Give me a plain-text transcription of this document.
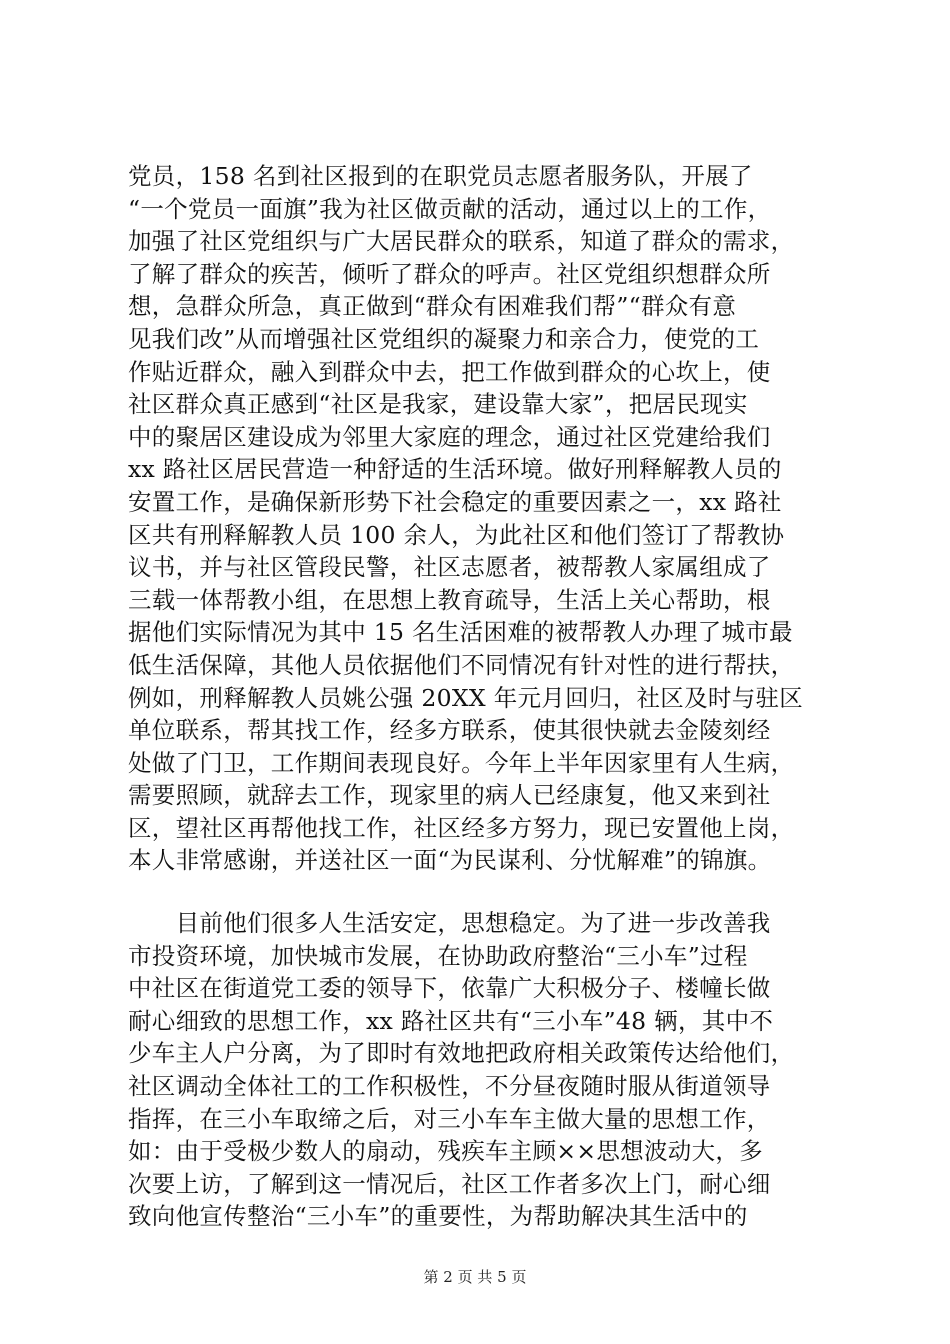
党员，158 名到社区报到的在职党员志愿者服务队，开展了
“一个党员一面旗”我为社区做贡献的活动，通过以上的工作，
加强了社区党组织与广大居民群众的联系，知道了群众的需求，
了解了群众的疾苦，倾听了群众的呼声。社区党组织想群众所
想，急群众所急，真正做到“群众有困难我们帮”“群众有意
见我们改”从而增强社区党组织的凝聚力和亲合力，使党的工
作贴近群众，融入到群众中去，把工作做到群众的心坎上，使
社区群众真正感到“社区是我家，建设靠大家”，把居民现实
中的聚居区建设成为邻里大家庭的理念，通过社区党建给我们
xx 路社区居民营造一种舒适的生活环境。做好刑释解教人员的
安置工作，是确保新形势下社会稳定的重要因素之一，xx 路社
区共有刑释解教人员 100 余人，为此社区和他们签订了帮教协
议书，并与社区管段民警，社区志愿者，被帮教人家属组成了
三载一体帮教小组，在思想上教育疏导，生活上关心帮助，根
据他们实际情况为其中 15 名生活困难的被帮教人办理了城市最
低生活保障，其他人员依据他们不同情况有针对性的进行帮扶，
例如，刑释解教人员姚公强 20XX 年元月回归，社区及时与驻区
单位联系，帮其找工作，经多方联系，使其很快就去金陵刻经
处做了门卫，工作期间表现良好。今年上半年因家里有人生病，
需要照顾，就辞去工作，现家里的病人已经康复，他又来到社
区，望社区再帮他找工作，社区经多方努力，现已安置他上岗，
本人非常感谢，并送社区一面“为民谋利、分忧解难”的锦旗。
　　目前他们很多人生活安定，思想稳定。为了进一步改善我
市投资环境，加快城市发展，在协助政府整治“三小车”过程
中社区在街道党工委的领导下，依靠广大积极分子、楼幢长做
耐心细致的思想工作，xx 路社区共有“三小车”48 辆，其中不
少车主人户分离，为了即时有效地把政府相关政策传达给他们，
社区调动全体社工的工作积极性，不分昼夜随时服从街道领导
指挥，在三小车取缔之后，对三小车车主做大量的思想工作，
如：由于受极少数人的扇动，残疾车主顾××思想波动大，多
次要上访，了解到这一情况后，社区工作者多次上门，耐心细
致向他宣传整治“三小车”的重要性，为帮助解决其生活中的
第 2 页 共 5 页
